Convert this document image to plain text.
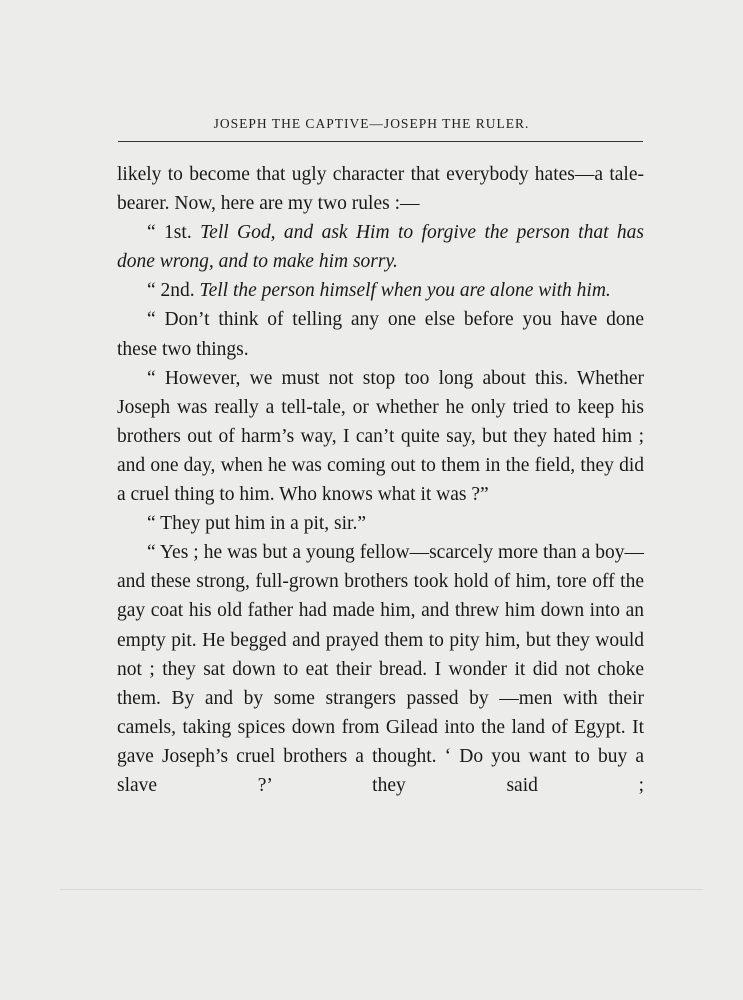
JOSEPH THE CAPTIVE—JOSEPH THE RULER.

likely to become that ugly character that everybody hates—a tale-bearer. Now, here are my two rules :—

“ 1st. Tell God, and ask Him to forgive the person that has done wrong, and to make him sorry.

“ 2nd. Tell the person himself when you are alone with him.

“ Don’t think of telling any one else before you have done these two things.

“ However, we must not stop too long about this. Whether Joseph was really a tell-tale, or whether he only tried to keep his brothers out of harm’s way, I can’t quite say, but they hated him ; and one day, when he was coming out to them in the field, they did a cruel thing to him. Who knows what it was ?”

“ They put him in a pit, sir.”

“ Yes ; he was but a young fellow—scarcely more than a boy—and these strong, full-grown brothers took hold of him, tore off the gay coat his old father had made him, and threw him down into an empty pit. He begged and prayed them to pity him, but they would not ; they sat down to eat their bread. I wonder it did not choke them. By and by some strangers passed by —men with their camels, taking spices down from Gilead into the land of Egypt. It gave Joseph’s cruel brothers a thought. ‘ Do you want to buy a slave ?’ they said ;
